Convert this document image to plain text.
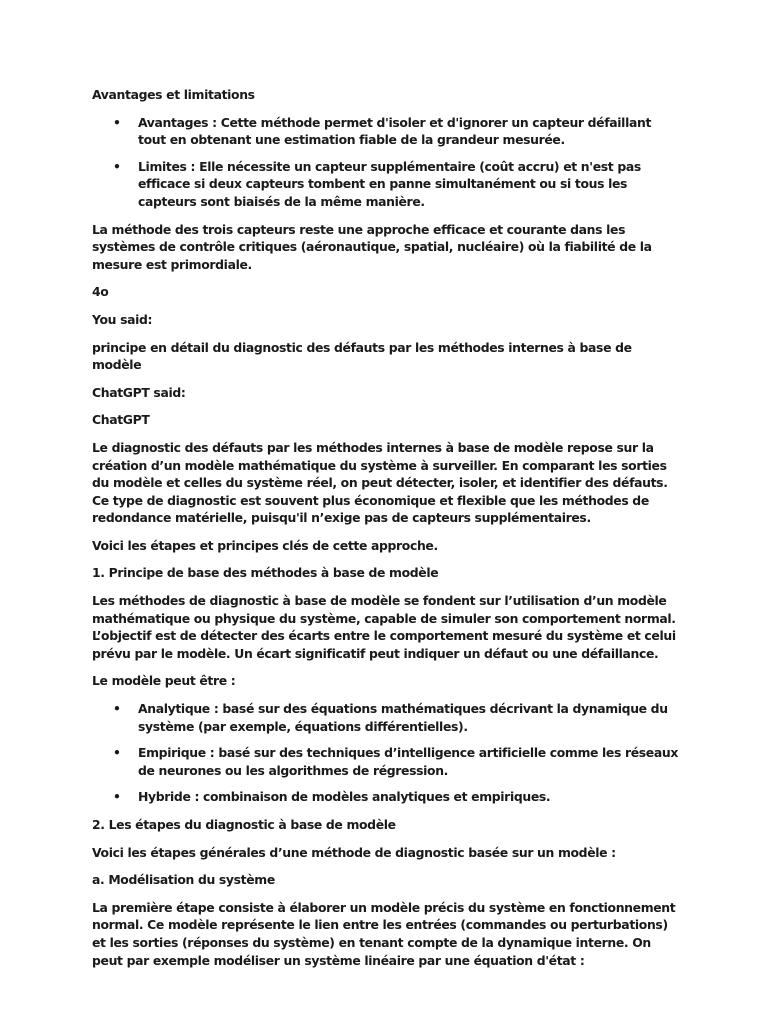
Avantages et limitations

• Avantages : Cette méthode permet d'isoler et d'ignorer un capteur défaillant tout en obtenant une estimation fiable de la grandeur mesurée.
• Limites : Elle nécessite un capteur supplémentaire (coût accru) et n'est pas efficace si deux capteurs tombent en panne simultanément ou si tous les capteurs sont biaisés de la même manière.

La méthode des trois capteurs reste une approche efficace et courante dans les systèmes de contrôle critiques (aéronautique, spatial, nucléaire) où la fiabilité de la mesure est primordiale.

4o

You said:

principe en détail du diagnostic des défauts par les méthodes internes à base de modèle

ChatGPT said:

ChatGPT

Le diagnostic des défauts par les méthodes internes à base de modèle repose sur la création d’un modèle mathématique du système à surveiller. En comparant les sorties du modèle et celles du système réel, on peut détecter, isoler, et identifier des défauts. Ce type de diagnostic est souvent plus économique et flexible que les méthodes de redondance matérielle, puisqu'il n’exige pas de capteurs supplémentaires.

Voici les étapes et principes clés de cette approche.

1. Principe de base des méthodes à base de modèle

Les méthodes de diagnostic à base de modèle se fondent sur l’utilisation d’un modèle mathématique ou physique du système, capable de simuler son comportement normal. L’objectif est de détecter des écarts entre le comportement mesuré du système et celui prévu par le modèle. Un écart significatif peut indiquer un défaut ou une défaillance.

Le modèle peut être :

• Analytique : basé sur des équations mathématiques décrivant la dynamique du système (par exemple, équations différentielles).
• Empirique : basé sur des techniques d’intelligence artificielle comme les réseaux de neurones ou les algorithmes de régression.
• Hybride : combinaison de modèles analytiques et empiriques.

2. Les étapes du diagnostic à base de modèle

Voici les étapes générales d’une méthode de diagnostic basée sur un modèle :

a. Modélisation du système

La première étape consiste à élaborer un modèle précis du système en fonctionnement normal. Ce modèle représente le lien entre les entrées (commandes ou perturbations) et les sorties (réponses du système) en tenant compte de la dynamique interne. On peut par exemple modéliser un système linéaire par une équation d'état :
